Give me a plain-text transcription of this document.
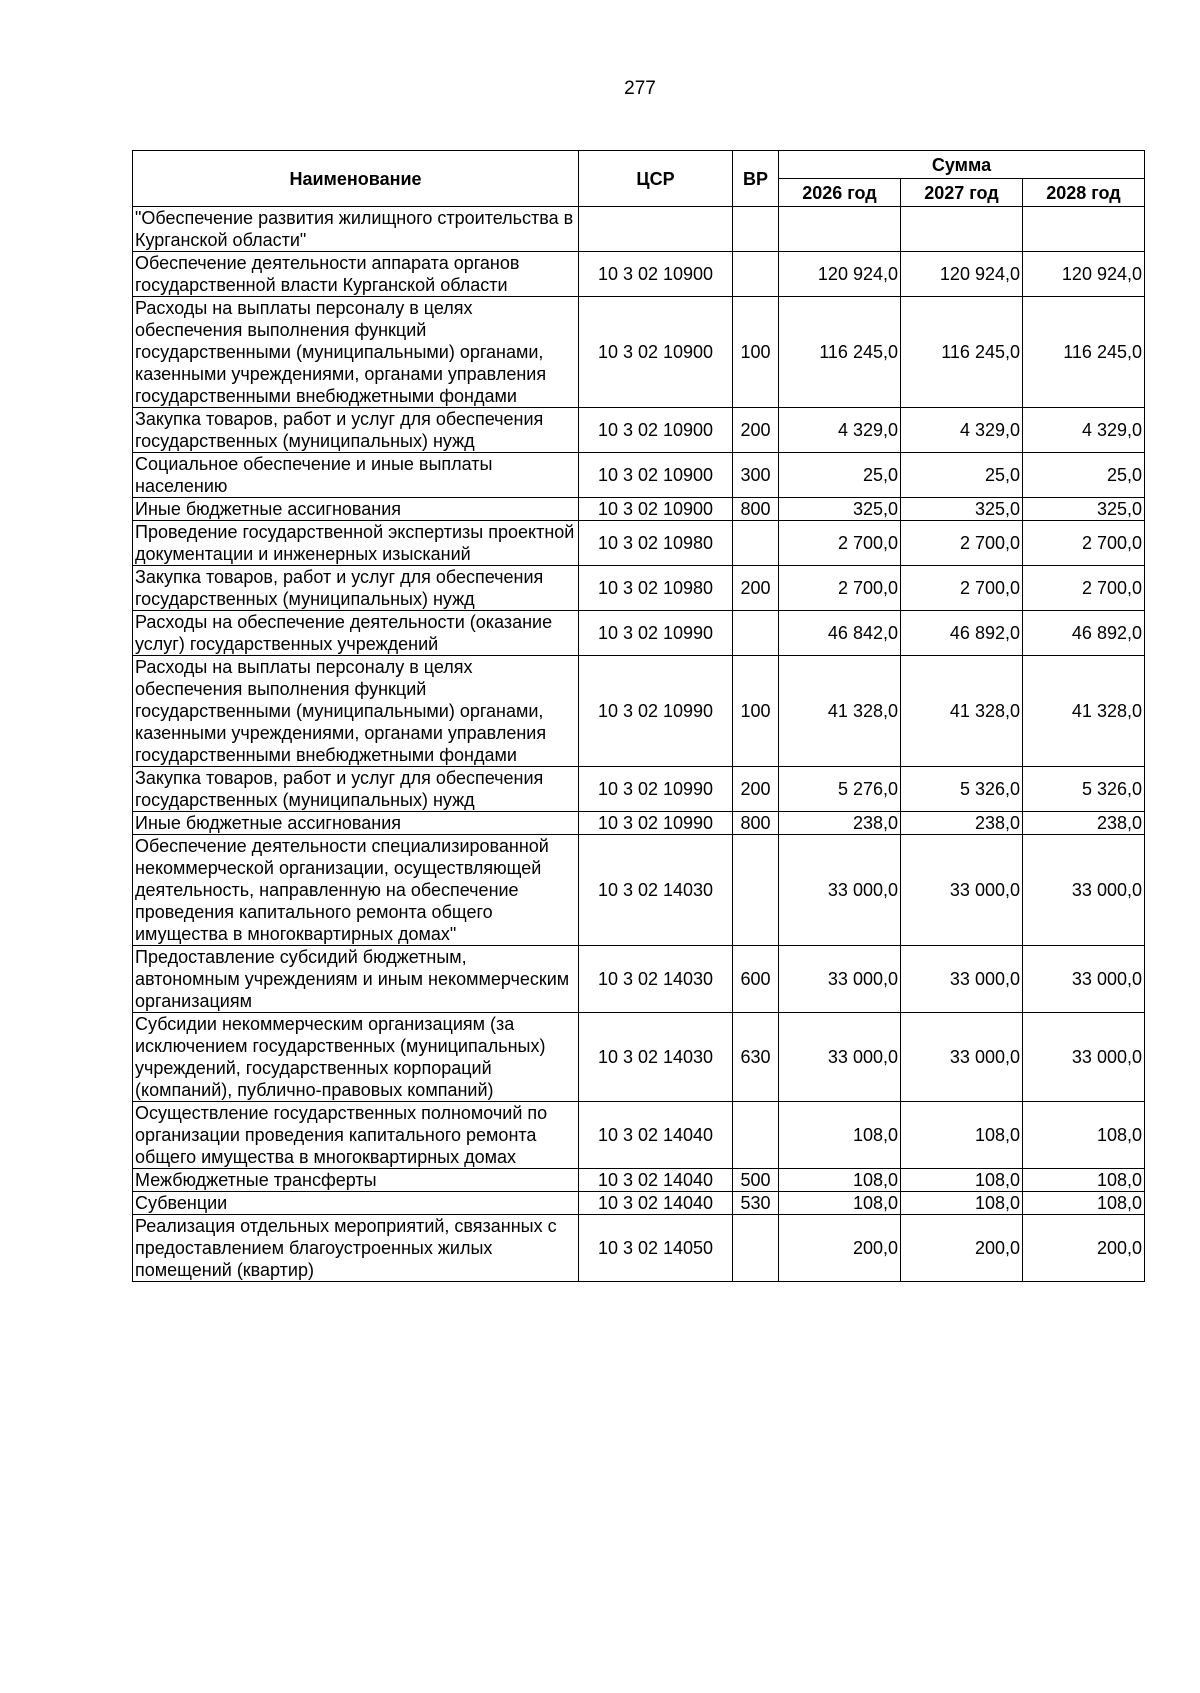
277
Наименование	ЦСР	ВР	Сумма		
			2026 год	2027 год	2028 год
"Обеспечение развития жилищного строительства в Курганской области"					
Обеспечение деятельности аппарата органов государственной власти Курганской области	10 3 02 10900		120 924,0	120 924,0	120 924,0
Расходы на выплаты персоналу в целях обеспечения выполнения функций государственными (муниципальными) органами, казенными учреждениями, органами управления государственными внебюджетными фондами	10 3 02 10900	100	116 245,0	116 245,0	116 245,0
Закупка товаров, работ и услуг для обеспечения государственных (муниципальных) нужд	10 3 02 10900	200	4 329,0	4 329,0	4 329,0
Социальное обеспечение и иные выплаты населению	10 3 02 10900	300	25,0	25,0	25,0
Иные бюджетные ассигнования	10 3 02 10900	800	325,0	325,0	325,0
Проведение государственной экспертизы проектной документации и инженерных изысканий	10 3 02 10980		2 700,0	2 700,0	2 700,0
Закупка товаров, работ и услуг для обеспечения государственных (муниципальных) нужд	10 3 02 10980	200	2 700,0	2 700,0	2 700,0
Расходы на обеспечение деятельности (оказание услуг) государственных учреждений	10 3 02 10990		46 842,0	46 892,0	46 892,0
Расходы на выплаты персоналу в целях обеспечения выполнения функций государственными (муниципальными) органами, казенными учреждениями, органами управления государственными внебюджетными фондами	10 3 02 10990	100	41 328,0	41 328,0	41 328,0
Закупка товаров, работ и услуг для обеспечения государственных (муниципальных) нужд	10 3 02 10990	200	5 276,0	5 326,0	5 326,0
Иные бюджетные ассигнования	10 3 02 10990	800	238,0	238,0	238,0
Обеспечение деятельности специализированной некоммерческой организации, осуществляющей деятельность, направленную на обеспечение проведения капитального ремонта общего имущества в многоквартирных домах"	10 3 02 14030		33 000,0	33 000,0	33 000,0
Предоставление субсидий бюджетным, автономным учреждениям и иным некоммерческим организациям	10 3 02 14030	600	33 000,0	33 000,0	33 000,0
Субсидии некоммерческим организациям (за исключением государственных (муниципальных) учреждений, государственных корпораций (компаний), публично-правовых компаний)	10 3 02 14030	630	33 000,0	33 000,0	33 000,0
Осуществление государственных полномочий по организации проведения капитального ремонта общего имущества в многоквартирных домах	10 3 02 14040		108,0	108,0	108,0
Межбюджетные трансферты	10 3 02 14040	500	108,0	108,0	108,0
Субвенции	10 3 02 14040	530	108,0	108,0	108,0
Реализация отдельных мероприятий, связанных с предоставлением благоустроенных жилых помещений (квартир)	10 3 02 14050		200,0	200,0	200,0
